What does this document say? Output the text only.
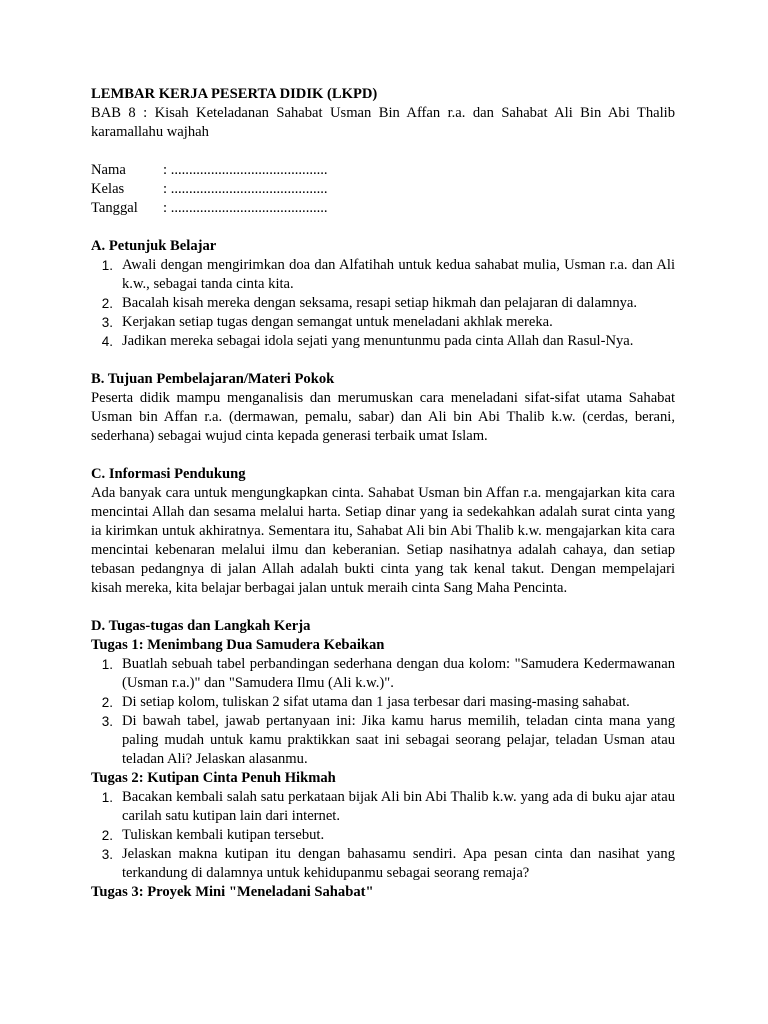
LEMBAR KERJA PESERTA DIDIK (LKPD)

BAB 8 : Kisah Keteladanan Sahabat Usman Bin Affan r.a. dan Sahabat Ali Bin Abi Thalib karamallahu wajhah

Nama	: ...........................................
Kelas	: ...........................................
Tanggal	: ...........................................

A. Petunjuk Belajar

1. Awali dengan mengirimkan doa dan Alfatihah untuk kedua sahabat mulia, Usman r.a. dan Ali k.w., sebagai tanda cinta kita.
2. Bacalah kisah mereka dengan seksama, resapi setiap hikmah dan pelajaran di dalamnya.
3. Kerjakan setiap tugas dengan semangat untuk meneladani akhlak mereka.
4. Jadikan mereka sebagai idola sejati yang menuntunmu pada cinta Allah dan Rasul-Nya.

B. Tujuan Pembelajaran/Materi Pokok

Peserta didik mampu menganalisis dan merumuskan cara meneladani sifat-sifat utama Sahabat Usman bin Affan r.a. (dermawan, pemalu, sabar) dan Ali bin Abi Thalib k.w. (cerdas, berani, sederhana) sebagai wujud cinta kepada generasi terbaik umat Islam.

C. Informasi Pendukung

Ada banyak cara untuk mengungkapkan cinta. Sahabat Usman bin Affan r.a. mengajarkan kita cara mencintai Allah dan sesama melalui harta. Setiap dinar yang ia sedekahkan adalah surat cinta yang ia kirimkan untuk akhiratnya. Sementara itu, Sahabat Ali bin Abi Thalib k.w. mengajarkan kita cara mencintai kebenaran melalui ilmu dan keberanian. Setiap nasihatnya adalah cahaya, dan setiap tebasan pedangnya di jalan Allah adalah bukti cinta yang tak kenal takut. Dengan mempelajari kisah mereka, kita belajar berbagai jalan untuk meraih cinta Sang Maha Pencinta.

D. Tugas-tugas dan Langkah Kerja

Tugas 1: Menimbang Dua Samudera Kebaikan

1. Buatlah sebuah tabel perbandingan sederhana dengan dua kolom: "Samudera Kedermawanan (Usman r.a.)" dan "Samudera Ilmu (Ali k.w.)".
2. Di setiap kolom, tuliskan 2 sifat utama dan 1 jasa terbesar dari masing-masing sahabat.
3. Di bawah tabel, jawab pertanyaan ini: Jika kamu harus memilih, teladan cinta mana yang paling mudah untuk kamu praktikkan saat ini sebagai seorang pelajar, teladan Usman atau teladan Ali? Jelaskan alasanmu.

Tugas 2: Kutipan Cinta Penuh Hikmah

1. Bacakan kembali salah satu perkataan bijak Ali bin Abi Thalib k.w. yang ada di buku ajar atau carilah satu kutipan lain dari internet.
2. Tuliskan kembali kutipan tersebut.
3. Jelaskan makna kutipan itu dengan bahasamu sendiri. Apa pesan cinta dan nasihat yang terkandung di dalamnya untuk kehidupanmu sebagai seorang remaja?

Tugas 3: Proyek Mini "Meneladani Sahabat"
